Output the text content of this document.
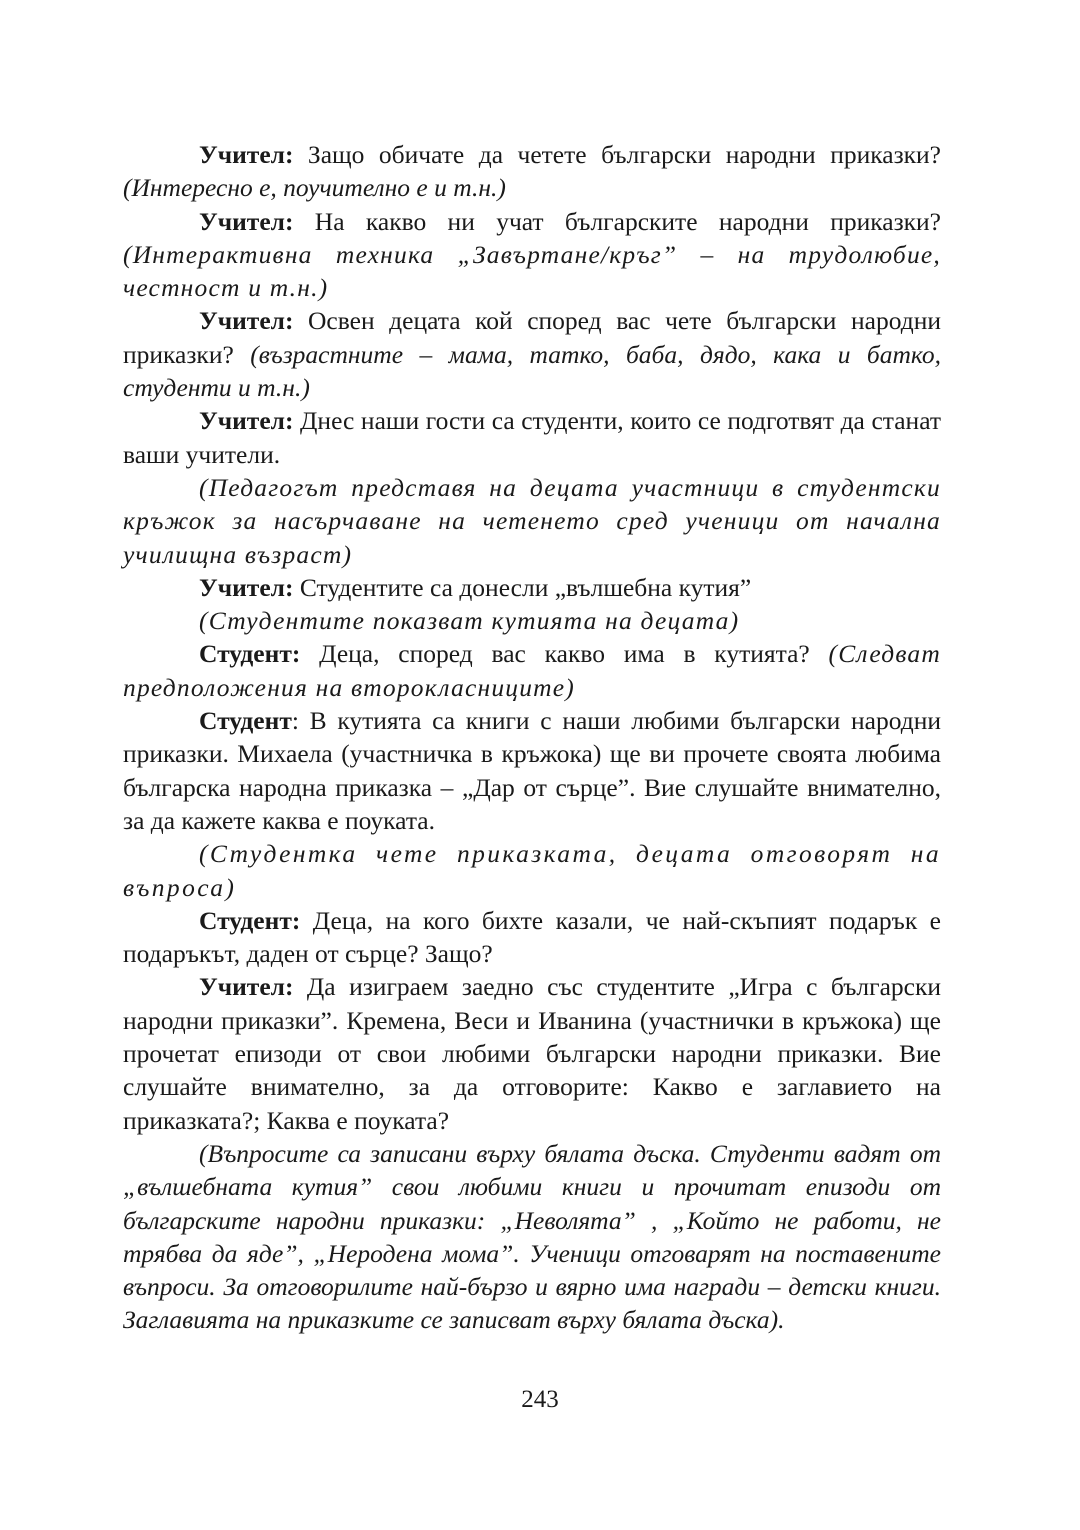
Учител: Защо обичате да четете български народни приказки? (Интересно е, поучително е и т.н.)

Учител: На какво ни учат българските народни приказки? (Интерактивна техника „Завъртане/кръг” – на трудолюбие, честност и т.н.)

Учител: Освен децата кой според вас чете български народни приказки? (възрастните – мама, татко, баба, дядо, кака и батко, студенти и т.н.)

Учител: Днес наши гости са студенти, които се подготвят да станат ваши учители.

(Педагогът представя на децата участници в студентски кръжок за насърчаване на четенето сред ученици от начална училищна възраст)

Учител: Студентите са донесли „вълшебна кутия”

(Студентите показват кутията на децата)

Студент: Деца, според вас какво има в кутията? (Следват предположения на второкласниците)

Студент: В кутията са книги с наши любими български народни приказки. Михаела (участничка в кръжока) ще ви прочете своята любима българска народна приказка – „Дар от сърце”. Вие слушайте внимателно, за да кажете каква е поуката.

(Студентка чете приказката, децата отговорят на въпроса)

Студент: Деца, на кого бихте казали, че най-скъпият подарък е подаръкът, даден от сърце? Защо?

Учител: Да изиграем заедно със студентите „Игра с български народни приказки”. Кремена, Веси и Иванина (участнички в кръжока) ще прочетат епизоди от свои любими български народни приказки. Вие слушайте внимателно, за да отговорите: Какво е заглавието на приказката?; Каква е поуката?

(Въпросите са записани върху бялата дъска. Студенти вадят от „вълшебната кутия” свои любими книги и прочитат епизоди от българските народни приказки: „Неволята” , „Който не работи, не трябва да яде”, „Неродена мома”. Ученици отговарят на поставените въпроси. За отговорилите най-бързо и вярно има награди – детски книги. Заглавията на приказките се записват върху бялата дъска).

243
